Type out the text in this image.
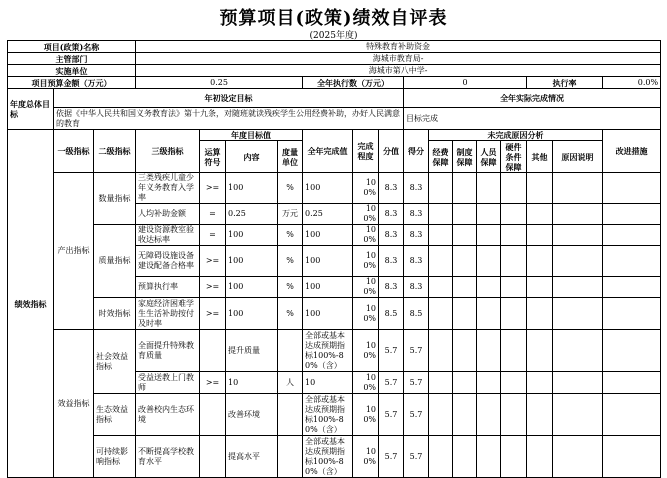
预算项目(政策)绩效自评表
(2025年度)
项目(政策)名称			特殊教育补助资金														
主管部门			海城市教育局-														
实施单位			海城市第八中学-														
项目预算金额（万元）			0.25				全年执行数（万元）			0					执行率		0.0%
年度总体目标	年初设定目标									全年实际完成情况							
	依据《中华人民共和国义务教育法》第十九条，对随班就读残疾学生公用经费补助，办好人民满意的教育									目标完成							
绩效指标	一级指标	二级指标	三级指标	年度目标值			全年完成值	完成程度	分值	得分	未完成原因分析						改进措施
				运算符号	内容	度量单位					经费保障	制度保障	人员保障	硬件条件保障	其他	原因说明	
	产出指标	数量指标	三类残疾儿童少年义务教育入学率	>=	100	%	100	100%	8.3	8.3							
			人均补助金额	=	0.25	万元	0.25	100%	8.3	8.3							
		质量指标	建设资源教室验收达标率	=	100	%	100	100%	8.3	8.3							
			无障碍设施设备建设配备合格率	>=	100	%	100	100%	8.3	8.3							
			预算执行率	>=	100	%	100	100%	8.3	8.3							
		时效指标	家庭经济困难学生生活补助按付及时率	>=	100	%	100	100%	8.5	8.5							
	效益指标	社会效益指标	全面提升特殊教育质量		提升质量		全部或基本达成预期指标100%-80%（含）	100%	5.7	5.7							
			受益送教上门教师	>=	10	人	10	100%	5.7	5.7							
		生态效益指标	改善校内生态环境		改善环境		全部或基本达成预期指标100%-80%（含）	100%	5.7	5.7							
		可持续影响指标	不断提高学校教育水平		提高水平		全部或基本达成预期指标100%-80%（含）	100%	5.7	5.7							
